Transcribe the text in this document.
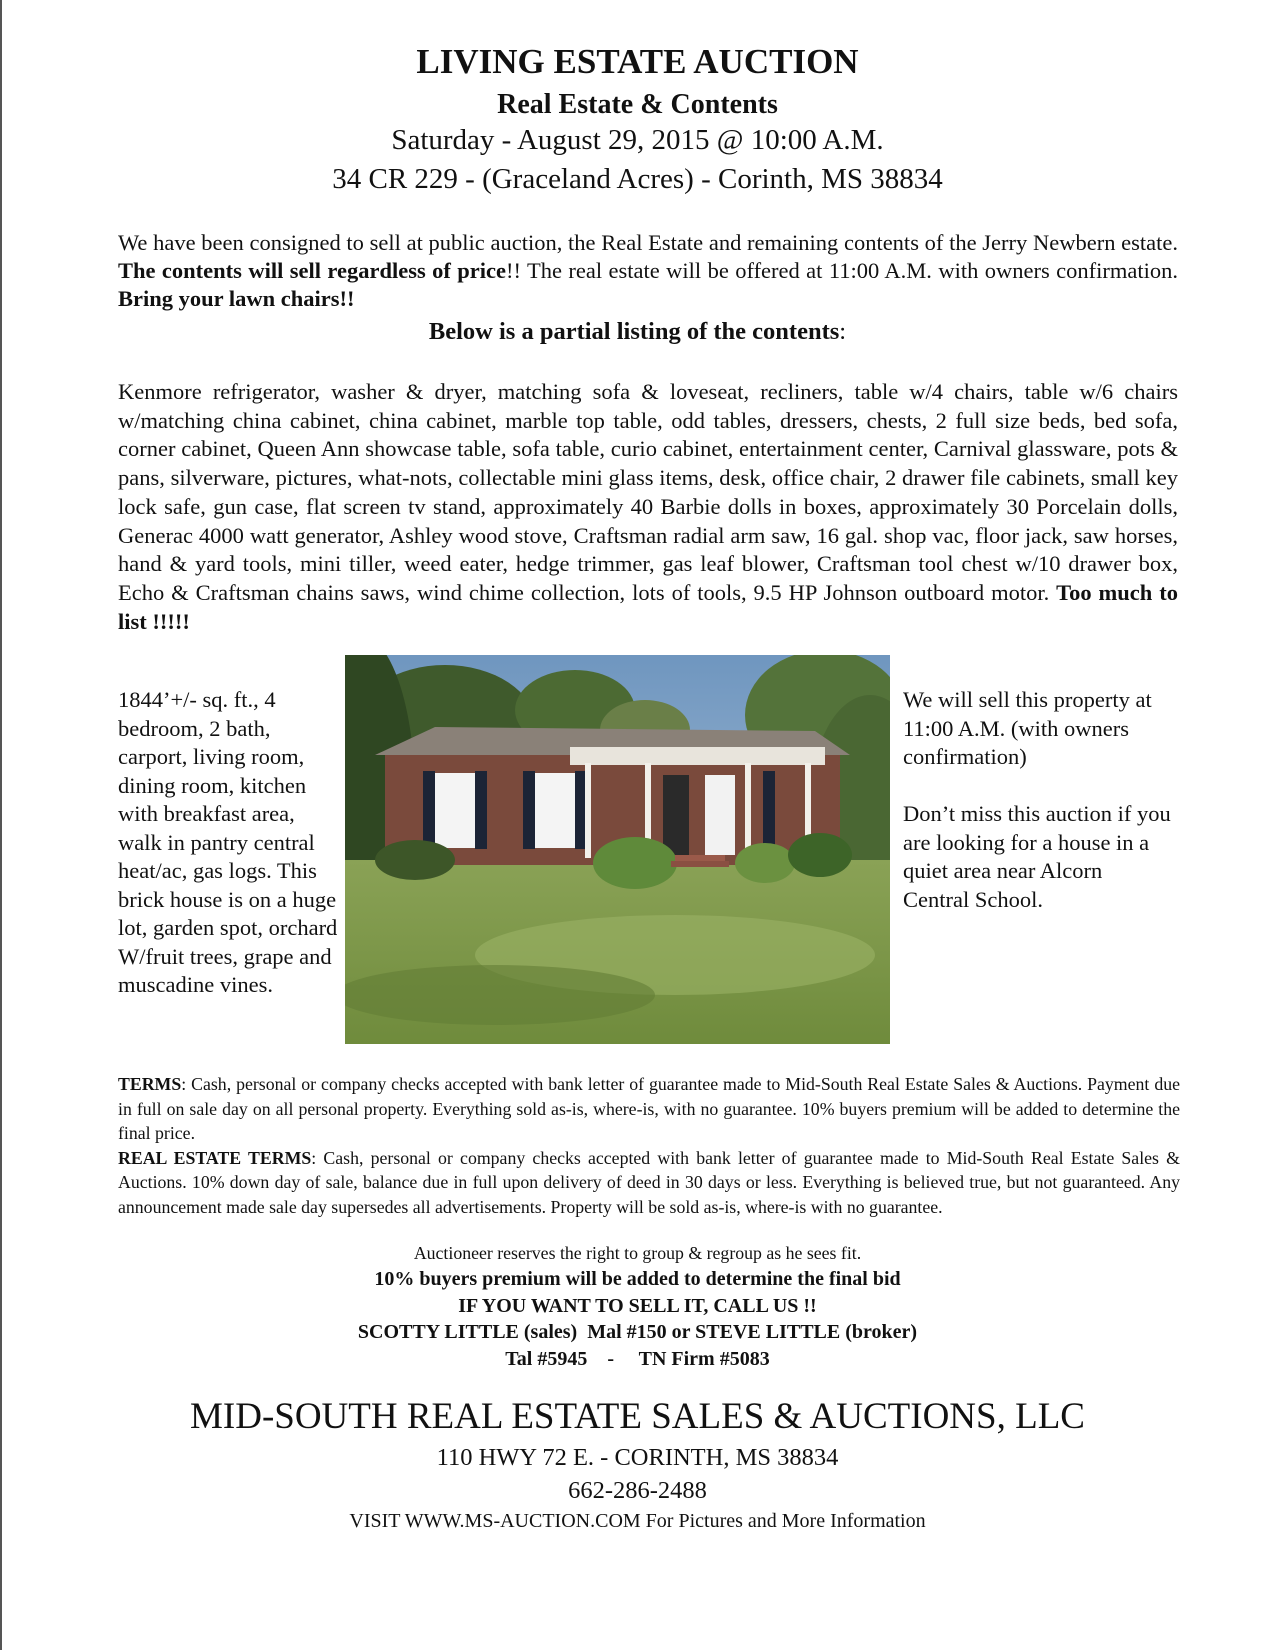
LIVING ESTATE AUCTION
Real Estate & Contents
Saturday - August 29, 2015 @ 10:00 A.M.
34 CR 229 - (Graceland Acres) - Corinth, MS 38834
We have been consigned to sell at public auction, the Real Estate and remaining contents of the Jerry Newbern estate. The contents will sell regardless of price!! The real estate will be offered at 11:00 A.M. with owners confirmation. Bring your lawn chairs!!
Below is a partial listing of the contents:
Kenmore refrigerator, washer & dryer, matching sofa & loveseat, recliners, table w/4 chairs, table w/6 chairs w/matching china cabinet, china cabinet, marble top table, odd tables, dressers, chests, 2 full size beds, bed sofa, corner cabinet, Queen Ann showcase table, sofa table, curio cabinet, entertainment center, Carnival glassware, pots & pans, silverware, pictures, what-nots, collectable mini glass items, desk, office chair, 2 drawer file cabinets, small key lock safe, gun case, flat screen tv stand, approximately 40 Barbie dolls in boxes, approximately 30 Porcelain dolls, Generac 4000 watt generator, Ashley wood stove, Craftsman radial arm saw, 16 gal. shop vac, floor jack, saw horses, hand & yard tools, mini tiller, weed eater, hedge trimmer, gas leaf blower, Craftsman tool chest w/10 drawer box, Echo & Craftsman chains saws, wind chime collection, lots of tools, 9.5 HP Johnson outboard motor. Too much to list !!!!!
1844’+/- sq. ft., 4 bedroom, 2 bath, carport, living room, dining room, kitchen with breakfast area, walk in pantry central heat/ac, gas logs. This brick house is on a huge lot, garden spot, orchard W/fruit trees, grape and muscadine vines.

We will sell this property at 11:00 A.M. (with owners confirmation)

Don’t miss this auction if you are looking for a house in a quiet area near Alcorn Central School.

TERMS: Cash, personal or company checks accepted with bank letter of guarantee made to Mid-South Real Estate Sales & Auctions. Payment due in full on sale day on all personal property. Everything sold as-is, where-is, with no guarantee. 10% buyers premium will be added to determine the final price.
REAL ESTATE TERMS: Cash, personal or company checks accepted with bank letter of guarantee made to Mid-South Real Estate Sales & Auctions. 10% down day of sale, balance due in full upon delivery of deed in 30 days or less. Everything is believed true, but not guaranteed. Any announcement made sale day supersedes all advertisements. Property will be sold as-is, where-is with no guarantee.
Auctioneer reserves the right to group & regroup as he sees fit.
10% buyers premium will be added to determine the final bid
IF YOU WANT TO SELL IT, CALL US !!
SCOTTY LITTLE (sales)  Mal #150 or STEVE LITTLE (broker)
Tal #5945    -     TN Firm #5083
MID-SOUTH REAL ESTATE SALES & AUCTIONS, LLC
110 HWY 72 E. - CORINTH, MS 38834
662-286-2488
VISIT WWW.MS-AUCTION.COM For Pictures and More Information
